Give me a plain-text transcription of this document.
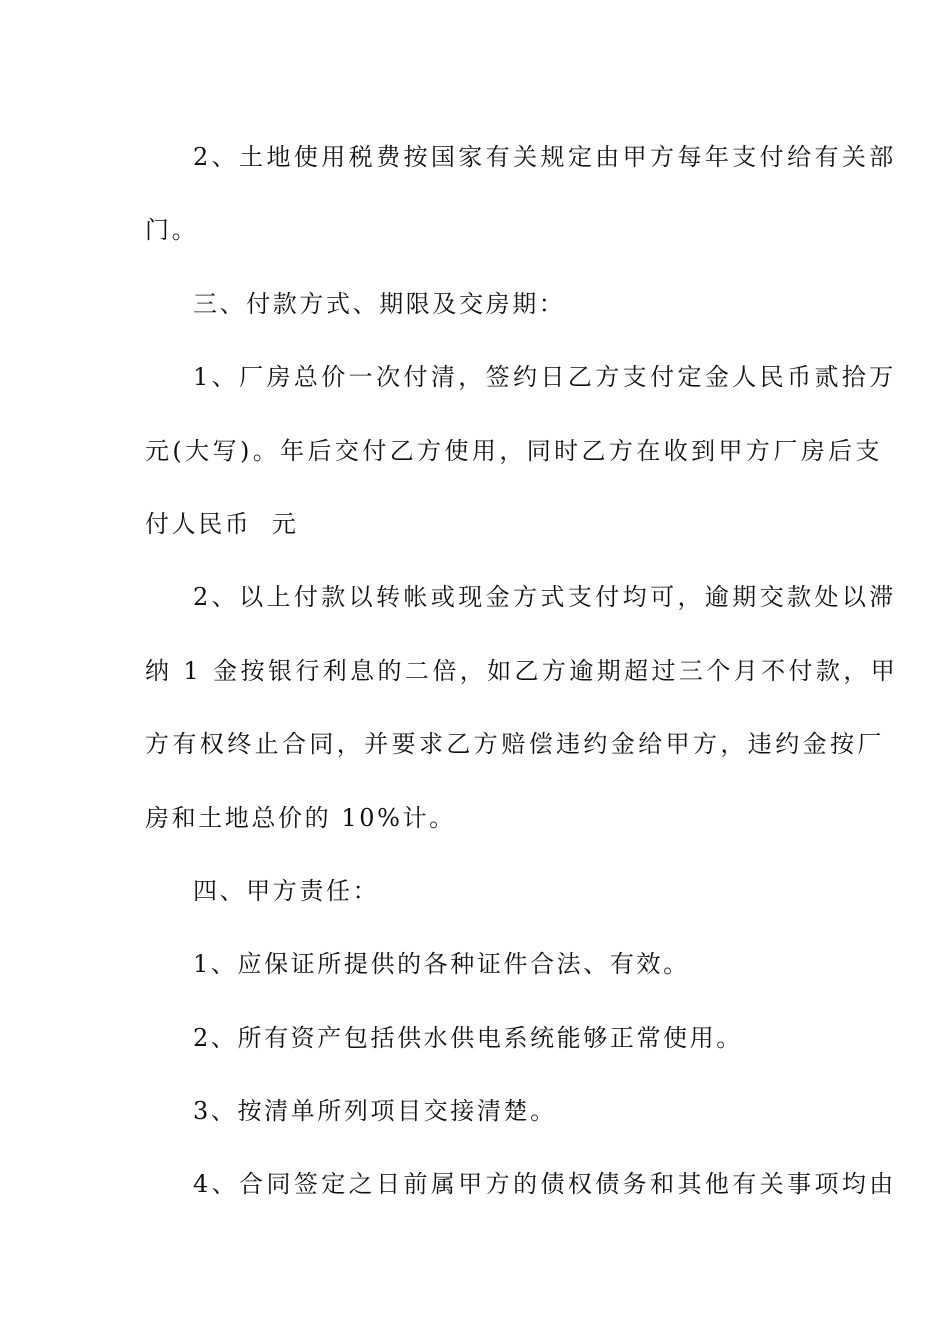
2、土地使用税费按国家有关规定由甲方每年支付给有关部
门。
三、付款方式、期限及交房期：
1、厂房总价一次付清，签约日乙方支付定金人民币贰拾万
元(大写)。年后交付乙方使用，同时乙方在收到甲方厂房后支
付人民币  元
2、以上付款以转帐或现金方式支付均可，逾期交款处以滞
纳 1 金按银行利息的二倍，如乙方逾期超过三个月不付款，甲
方有权终止合同，并要求乙方赔偿违约金给甲方，违约金按厂
房和土地总价的 10%计。
四、甲方责任：
1、应保证所提供的各种证件合法、有效。
2、所有资产包括供水供电系统能够正常使用。
3、按清单所列项目交接清楚。
4、合同签定之日前属甲方的债权债务和其他有关事项均由
